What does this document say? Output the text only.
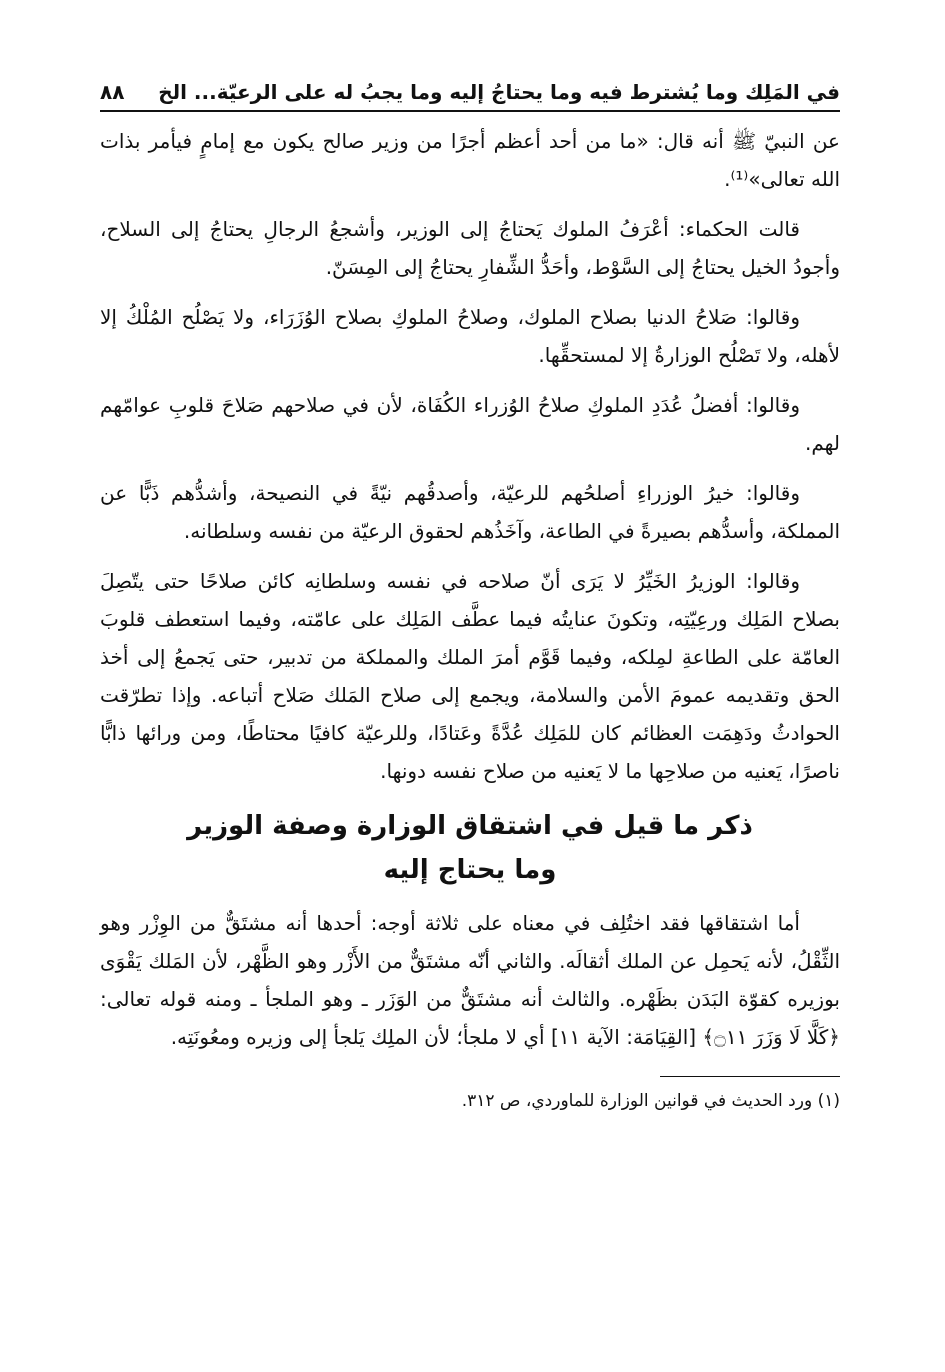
في المَلِك وما يُشترط فيه وما يحتاجُ إليه وما يجبُ له على الرعيّة... الخ
٨٨

عن النبيّ ﷺ أنه قال: «ما من أحد أعظم أجرًا من وزير صالح يكون مع إمامٍ فيأمر بذات الله تعالى»⁽¹⁾.

قالت الحكماء: أعْرَفُ الملوك يَحتاجُ إلى الوزير، وأشجعُ الرجالِ يحتاجُ إلى السلاح، وأجودُ الخيل يحتاجُ إلى السَّوْط، وأحَدُّ الشِّفارِ يحتاجُ إلى المِسَنّ.

وقالوا: صَلاحُ الدنيا بصلاح الملوك، وصلاحُ الملوكِ بصلاح الوُزَرَاء، ولا يَصْلُح المُلْكُ إلا لأهله، ولا تَصْلُح الوزارةُ إلا لمستحقِّها.

وقالوا: أفضلُ عُدَدِ الملوكِ صلاحُ الوُزراء الكُفَاة، لأن في صلاحهم صَلاحَ قلوبِ عوامّهم لهم.

وقالوا: خيرُ الوزراءِ أصلحُهم للرعيّة، وأصدقُهم نيّةً في النصيحة، وأشدُّهم ذَبًّا عن المملكة، وأسدُّهم بصيرةً في الطاعة، وآخَذُهم لحقوق الرعيّة من نفسه وسلطانه.

وقالوا: الوزيرُ الخَيِّرُ لا يَرَى أنّ صلاحه في نفسه وسلطانِه كائن صلاحًا حتى يتّصِلَ بصلاح المَلِك ورعِيّتِه، وتكونَ عنايتُه فيما عطَّف المَلِك على عامّته، وفيما استعطف قلوبَ العامّة على الطاعةِ لمِلكه، وفيما قَوَّم أمرَ الملك والمملكة من تدبير، حتى يَجمعُ إلى أخذ الحق وتقديمه عمومَ الأمن والسلامة، ويجمع إلى صلاح المَلك صَلاح أتباعه. وإذا تطرّقت الحوادثُ ودَهِمَت العظائم كان للمَلِك عُدَّةً وعَتادًا، وللرعيّة كافيًا محتاطًا، ومن ورائها ذابًّا ناصرًا، يَعنيه من صلاحِها ما لا يَعنيه من صلاح نفسه دونها.

ذكر ما قيل في اشتقاق الوزارة وصفة الوزير
وما يحتاج إليه

أما اشتقاقها فقد اختُلِف في معناه على ثلاثة أوجه: أحدها أنه مشتَقٌّ من الوِزْر وهو الثِّقْلُ، لأنه يَحمِل عن الملك أثقالَه. والثاني أنّه مشتَقٌّ من الأَزْر وهو الظَّهْر، لأن المَلك يَقْوَى بوزيره كقوّة البَدَن بظَهْره. والثالث أنه مشتَقٌّ من الوَزَر ـ وهو الملجأ ـ ومنه قوله تعالى: ﴿كَلَّا لَا وَزَرَ ۝١١﴾ [القِيَامَة: الآية ١١] أي لا ملجأ؛ لأن الملِك يَلجأ إلى وزيره ومعُونَتِه.

(١) ورد الحديث في قوانين الوزارة للماوردي، ص ٣١٢.
